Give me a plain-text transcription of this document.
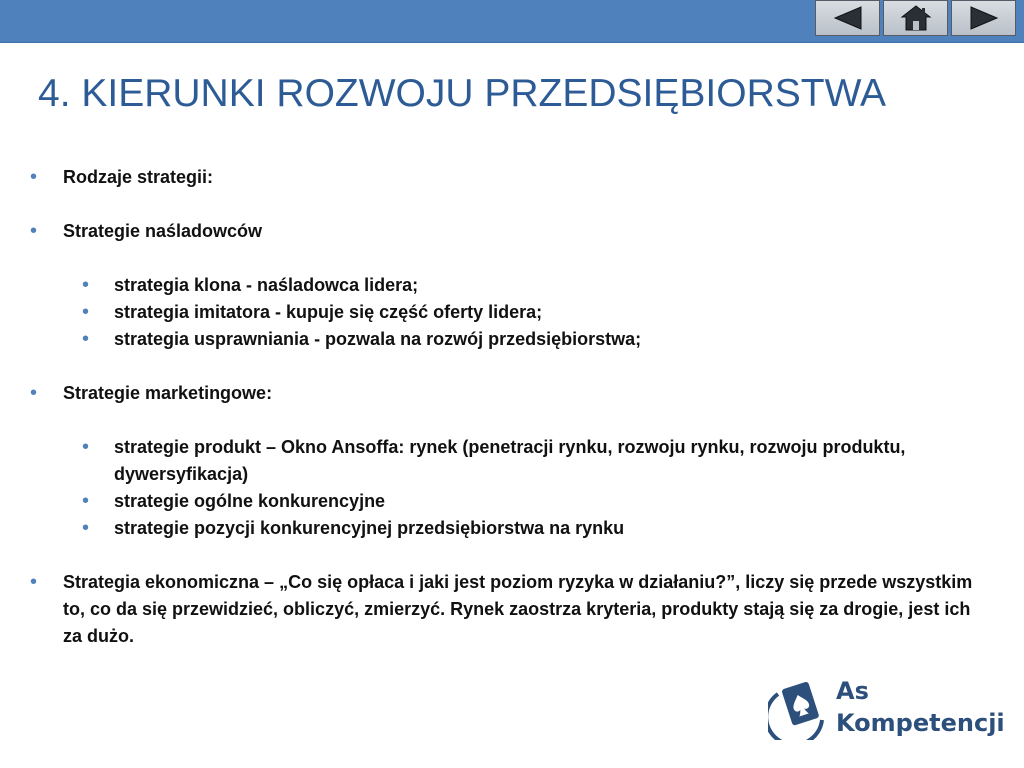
4. KIERUNKI ROZWOJU PRZEDSIĘBIORSTWA
• Rodzaje strategii:
• Strategie naśladowców
• strategia klona - naśladowca lidera;
• strategia imitatora - kupuje się część oferty lidera;
• strategia usprawniania - pozwala na rozwój przedsiębiorstwa;
• Strategie marketingowe:
• strategie produkt – Okno Ansoffa: rynek (penetracji rynku, rozwoju rynku, rozwoju produktu, dywersyfikacja)
• strategie ogólne konkurencyjne
• strategie pozycji konkurencyjnej przedsiębiorstwa na rynku
• Strategia ekonomiczna – „Co się opłaca i jaki jest poziom ryzyka w działaniu?”, liczy się przede wszystkim to, co da się przewidzieć, obliczyć, zmierzyć. Rynek zaostrza kryteria, produkty stają się za drogie, jest ich za dużo.
As
Kompetencji
